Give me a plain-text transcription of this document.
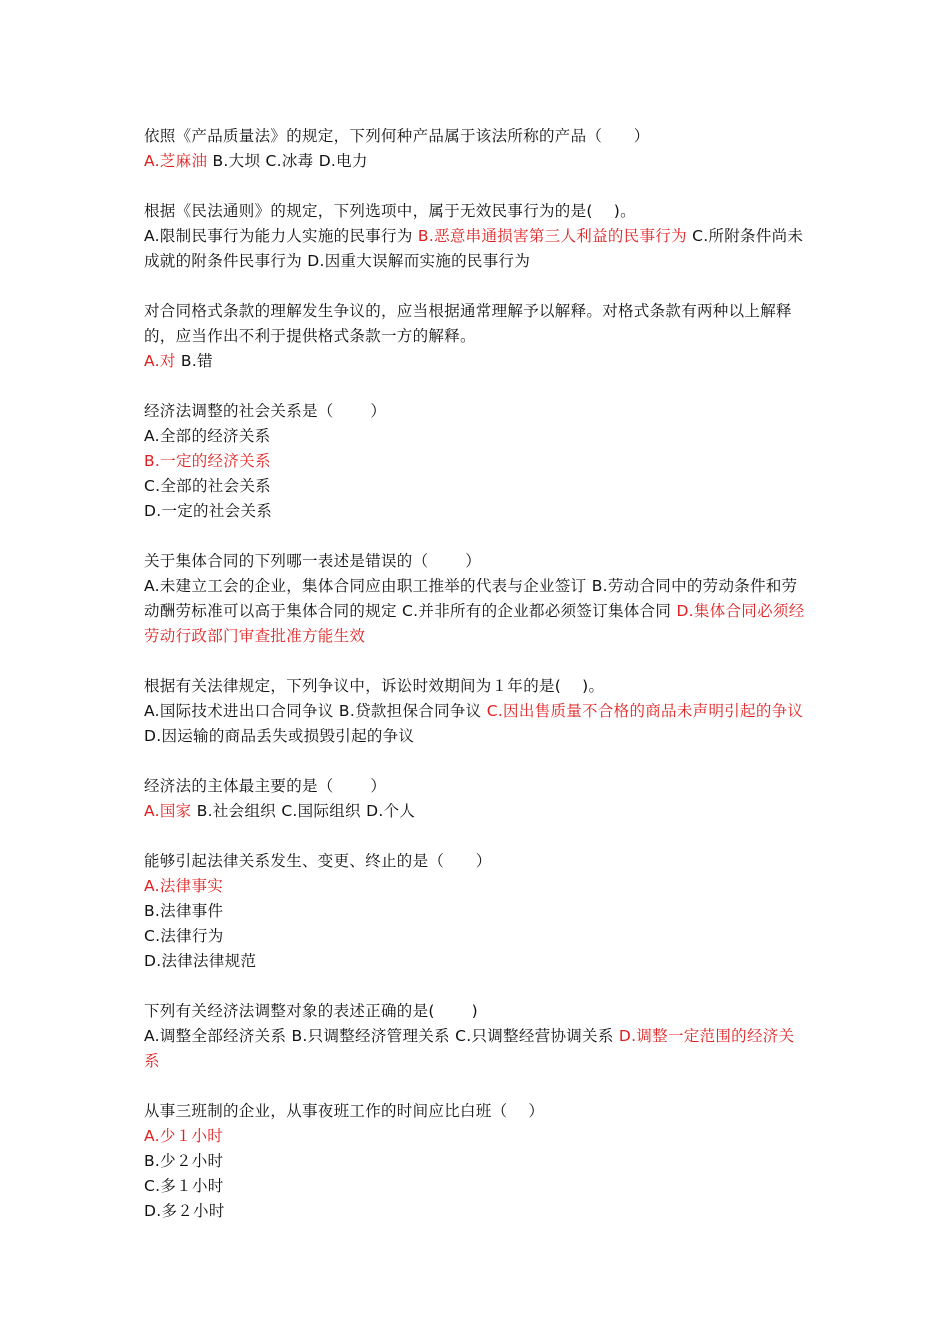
依照《产品质量法》的规定，下列何种产品属于该法所称的产品（　　）

A.芝麻油 B.大坝 C.冰毒 D.电力

根据《民法通则》的规定，下列选项中，属于无效民事行为的是(　 )。

A.限制民事行为能力人实施的民事行为 B.恶意串通损害第三人利益的民事行为 C.所附条件尚未成就的附条件民事行为 D.因重大误解而实施的民事行为

对合同格式条款的理解发生争议的，应当根据通常理解予以解释。对格式条款有两种以上解释的，应当作出不利于提供格式条款一方的解释。

A.对 B.错

经济法调整的社会关系是（　　 ）

A.全部的经济关系

B.一定的经济关系

C.全部的社会关系

D.一定的社会关系

关于集体合同的下列哪一表述是错误的（　　 ）

A.未建立工会的企业，集体合同应由职工推举的代表与企业签订 B.劳动合同中的劳动条件和劳动酬劳标准可以高于集体合同的规定 C.并非所有的企业都必须签订集体合同 D.集体合同必须经劳动行政部门审查批准方能生效

根据有关法律规定，下列争议中，诉讼时效期间为１年的是(　 )。

A.国际技术进出口合同争议 B.贷款担保合同争议 C.因出售质量不合格的商品未声明引起的争议 D.因运输的商品丢失或损毁引起的争议

经济法的主体最主要的是（　　 ）

A.国家 B.社会组织 C.国际组织 D.个人

能够引起法律关系发生、变更、终止的是（　　）

A.法律事实

B.法律事件

C.法律行为

D.法律法律规范

下列有关经济法调整对象的表述正确的是(　　 )

A.调整全部经济关系 B.只调整经济管理关系 C.只调整经营协调关系 D.调整一定范围的经济关系

从事三班制的企业，从事夜班工作的时间应比白班（　 ）

A.少１小时

B.少２小时

C.多１小时

D.多２小时
